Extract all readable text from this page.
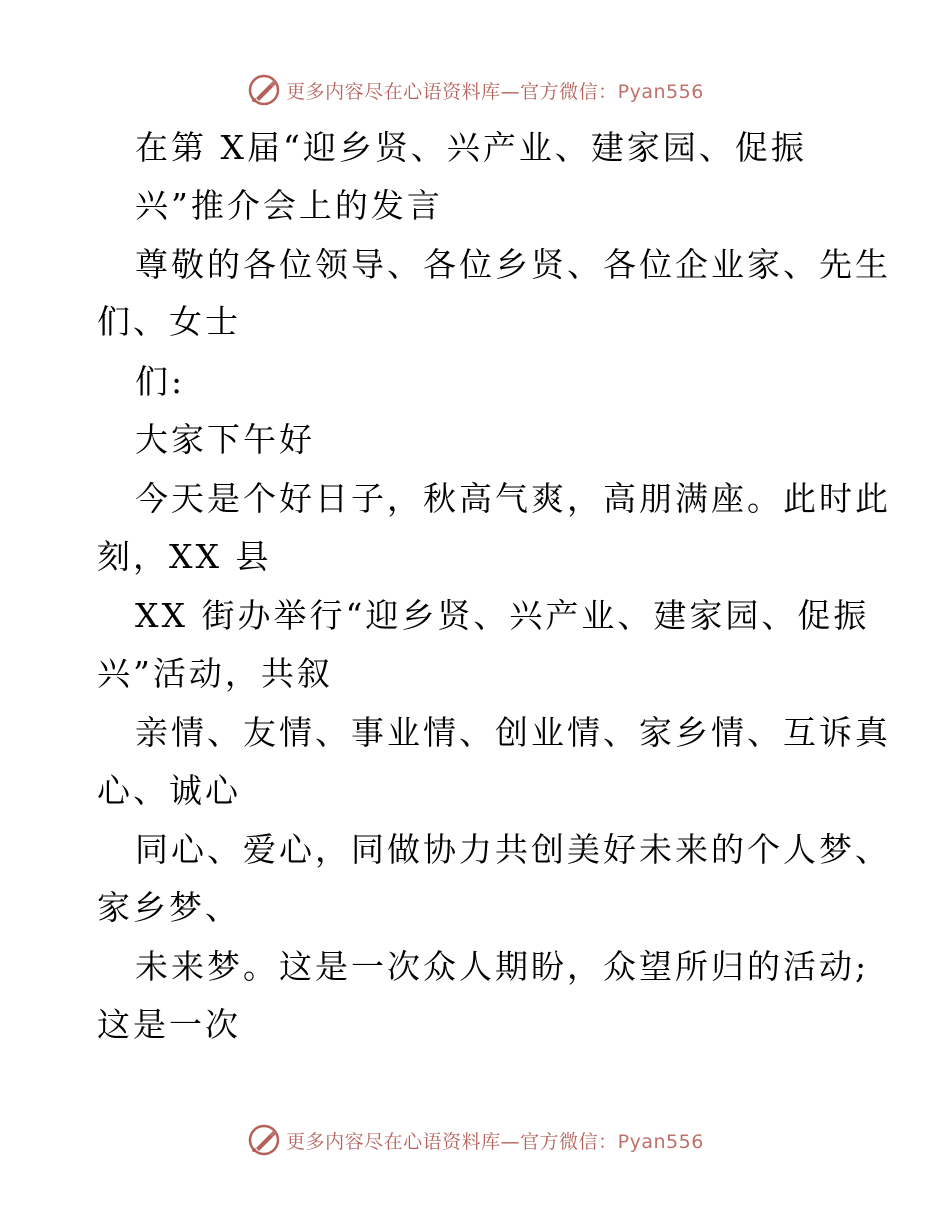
更多内容尽在心语资料库—官方微信：Pyan556
在第 X届“迎乡贤、兴产业、建家园、促振
兴”推介会上的发言
尊敬的各位领导、各位乡贤、各位企业家、先生
们、女士
们:
大家下午好
今天是个好日子，秋高气爽，高朋满座。此时此
刻，XX 县
XX 街办举行“迎乡贤、兴产业、建家园、促振
兴”活动，共叙
亲情、友情、事业情、创业情、家乡情、互诉真
心、诚心
同心、爱心，同做协力共创美好未来的个人梦、
家乡梦、
未来梦。这是一次众人期盼，众望所归的活动;
这是一次
更多内容尽在心语资料库—官方微信：Pyan556
